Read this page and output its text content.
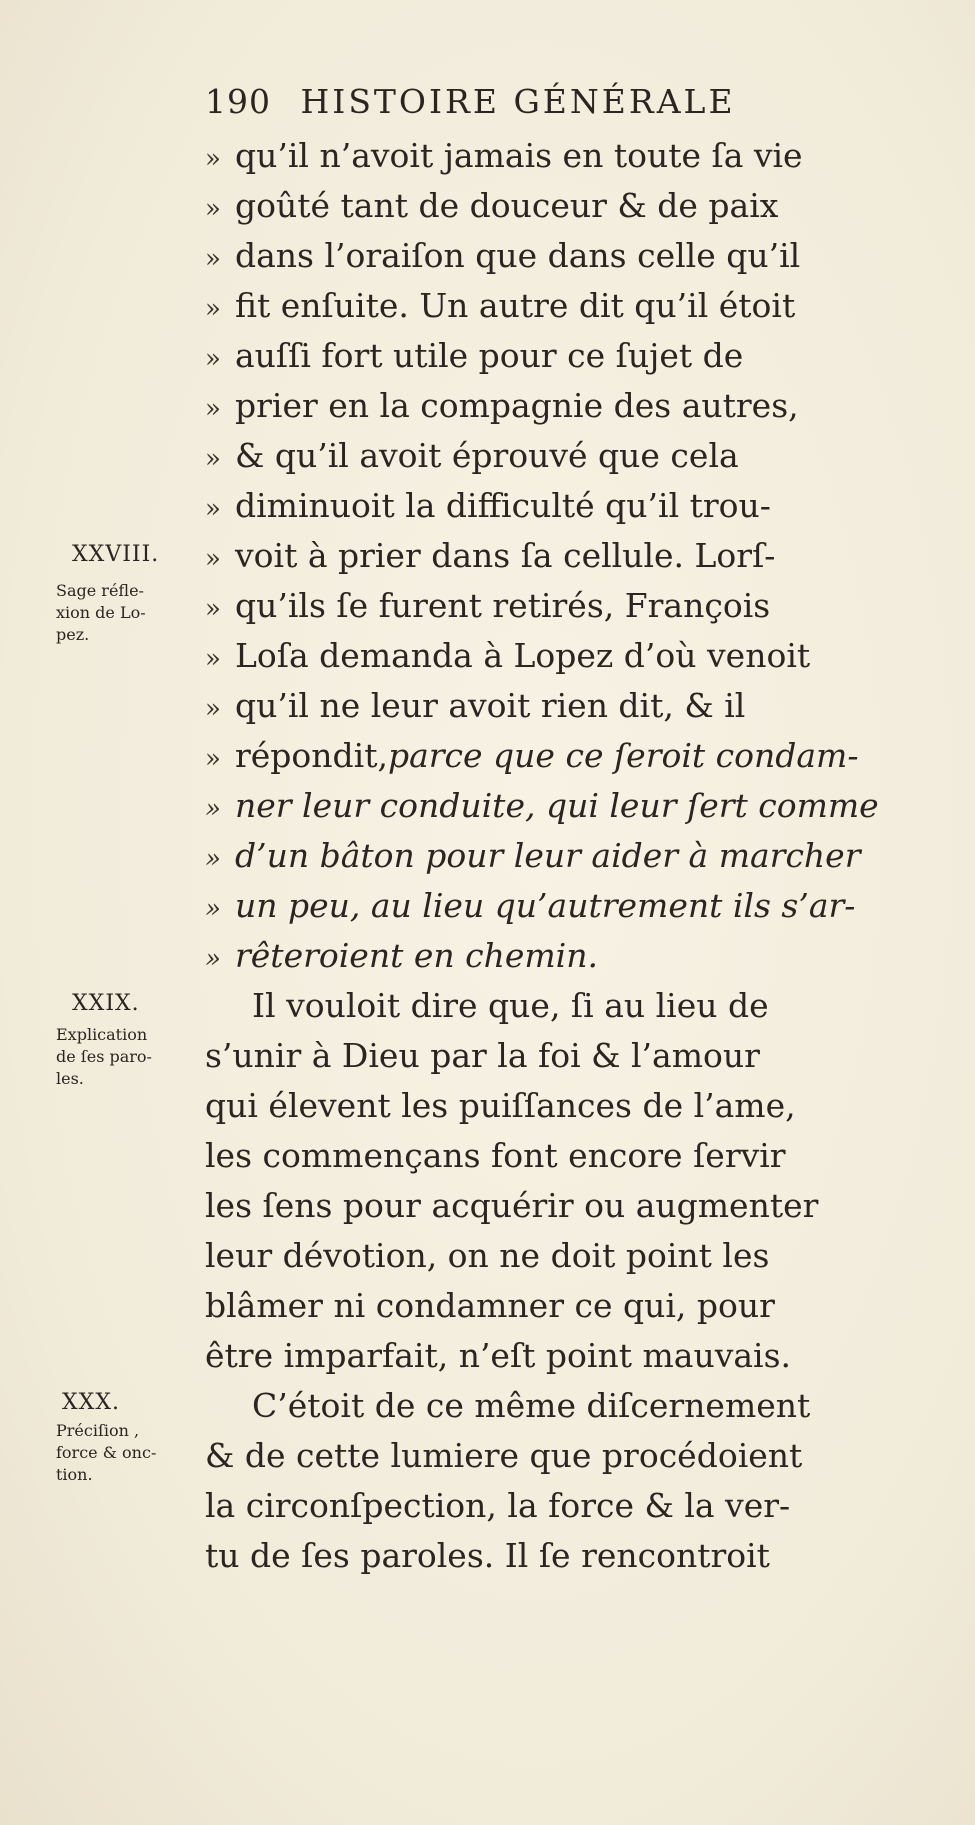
190 HISTOIRE GÉNÉRALE
» qu’il n’avoit jamais en toute ſa vie
» goûté tant de douceur & de paix
» dans l’oraiſon que dans celle qu’il
» fit enſuite. Un autre dit qu’il étoit
» auſſi fort utile pour ce ſujet de
» prier en la compagnie des autres,
» & qu’il avoit éprouvé que cela
» diminuoit la difficulté qu’il trou-
» voit à prier dans ſa cellule. Lorſ-
» qu’ils ſe furent retirés, François
» Loſa demanda à Lopez d’où venoit
» qu’il ne leur avoit rien dit, & il
» répondit,parce que ce ſeroit condam-
» ner leur conduite, qui leur ſert comme
» d’un bâton pour leur aider à marcher
» un peu, au lieu qu’autrement ils s’ar-
» rêteroient en chemin.
Il vouloit dire que, ſi au lieu de
s’unir à Dieu par la foi & l’amour
qui élevent les puiſſances de l’ame,
les commençans font encore ſervir
les ſens pour acquérir ou augmenter
leur dévotion, on ne doit point les
blâmer ni condamner ce qui, pour
être imparfait, n’eſt point mauvais.
C’étoit de ce même diſcernement
& de cette lumiere que procédoient
la circonſpection, la force & la ver-
tu de ſes paroles. Il ſe rencontroit
XXVIII.
Sage réfle-
xion de Lo-
pez.
XXIX.
Explication
de ſes paro-
les.
XXX.
Préciſion ,
force & onc-
tion.
